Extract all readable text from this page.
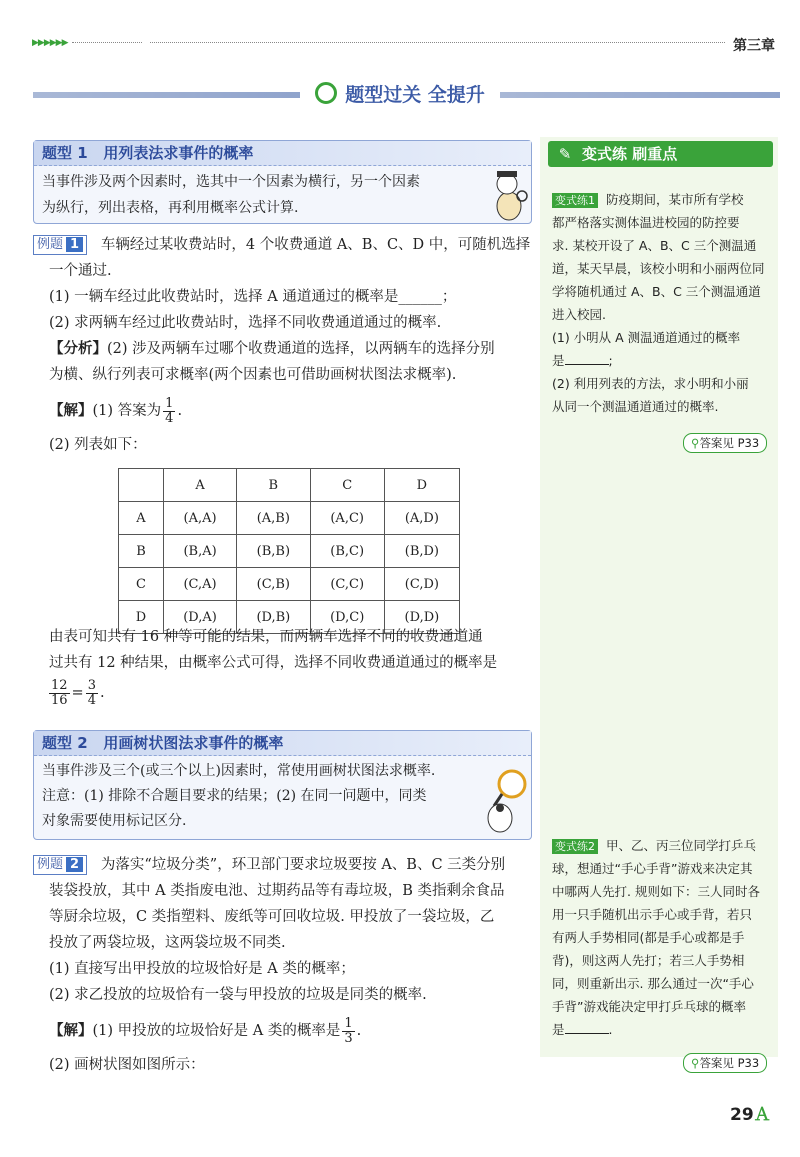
▶▶▶▶▶▶	第三章
题型过关 全提升
题型 1 用列表法求事件的概率
当事件涉及两个因素时，选其中一个因素为横行，另一个因素
为纵行，列出表格，再利用概率公式计算.
例题 1 车辆经过某收费站时，4 个收费通道 A、B、C、D 中，可随机选择
一个通过.
(1) 一辆车经过此收费站时，选择 A 通道通过的概率是______；
(2) 求两辆车经过此收费站时，选择不同收费通道通过的概率.
【分析】(2) 涉及两辆车过哪个收费通道的选择，以两辆车的选择分别
为横、纵行列表可求概率(两个因素也可借助画树状图法求概率).
【解】(1) 答案为 $\frac{1}{4}$ .
(2) 列表如下：
	A	B	C	D
A	(A,A)	(A,B)	(A,C)	(A,D)
B	(B,A)	(B,B)	(B,C)	(B,D)
C	(C,A)	(C,B)	(C,C)	(C,D)
D	(D,A)	(D,B)	(D,C)	(D,D)
由表可知共有 16 种等可能的结果，而两辆车选择不同的收费通道通
过共有 12 种结果，由概率公式可得，选择不同收费通道通过的概率是
$\frac{12}{16} = \frac{3}{4}$ .
题型 2 用画树状图法求事件的概率
当事件涉及三个(或三个以上)因素时，常使用画树状图法求概率.
注意：(1) 排除不合题目要求的结果；(2) 在同一问题中，同类
对象需要使用标记区分.
例题 2 为落实“垃圾分类”，环卫部门要求垃圾要按 A、B、C 三类分别
装袋投放，其中 A 类指废电池、过期药品等有毒垃圾，B 类指剩余食品
等厨余垃圾，C 类指塑料、废纸等可回收垃圾. 甲投放了一袋垃圾，乙
投放了两袋垃圾，这两袋垃圾不同类.
(1) 直接写出甲投放的垃圾恰好是 A 类的概率；
(2) 求乙投放的垃圾恰有一袋与甲投放的垃圾是同类的概率.
【解】(1) 甲投放的垃圾恰好是 A 类的概率是 $\frac{1}{3}$ .
(2) 画树状图如图所示：
✎ 变式练 刷重点
变式练1 防疫期间，某市所有学校
都严格落实测体温进校园的防控要
求. 某校开设了 A、B、C 三个测温通
道，某天早晨，该校小明和小丽两位同
学将随机通过 A、B、C 三个测温通道
进入校园.
(1) 小明从 A 测温通道通过的概率
是	;
(2) 利用列表的方法，求小明和小丽
从同一个测温通道通过的概率.
⚲答案见 P33
变式练2 甲、乙、丙三位同学打乒乓
球，想通过“手心手背”游戏来决定其
中哪两人先打. 规则如下：三人同时各
用一只手随机出示手心或手背，若只
有两人手势相同(都是手心或都是手
背)，则这两人先打；若三人手势相
同，则重新出示. 那么通过一次“手心
手背”游戏能决定甲打乒乓球的概率
是	.
⚲答案见 P33
29Ａ
